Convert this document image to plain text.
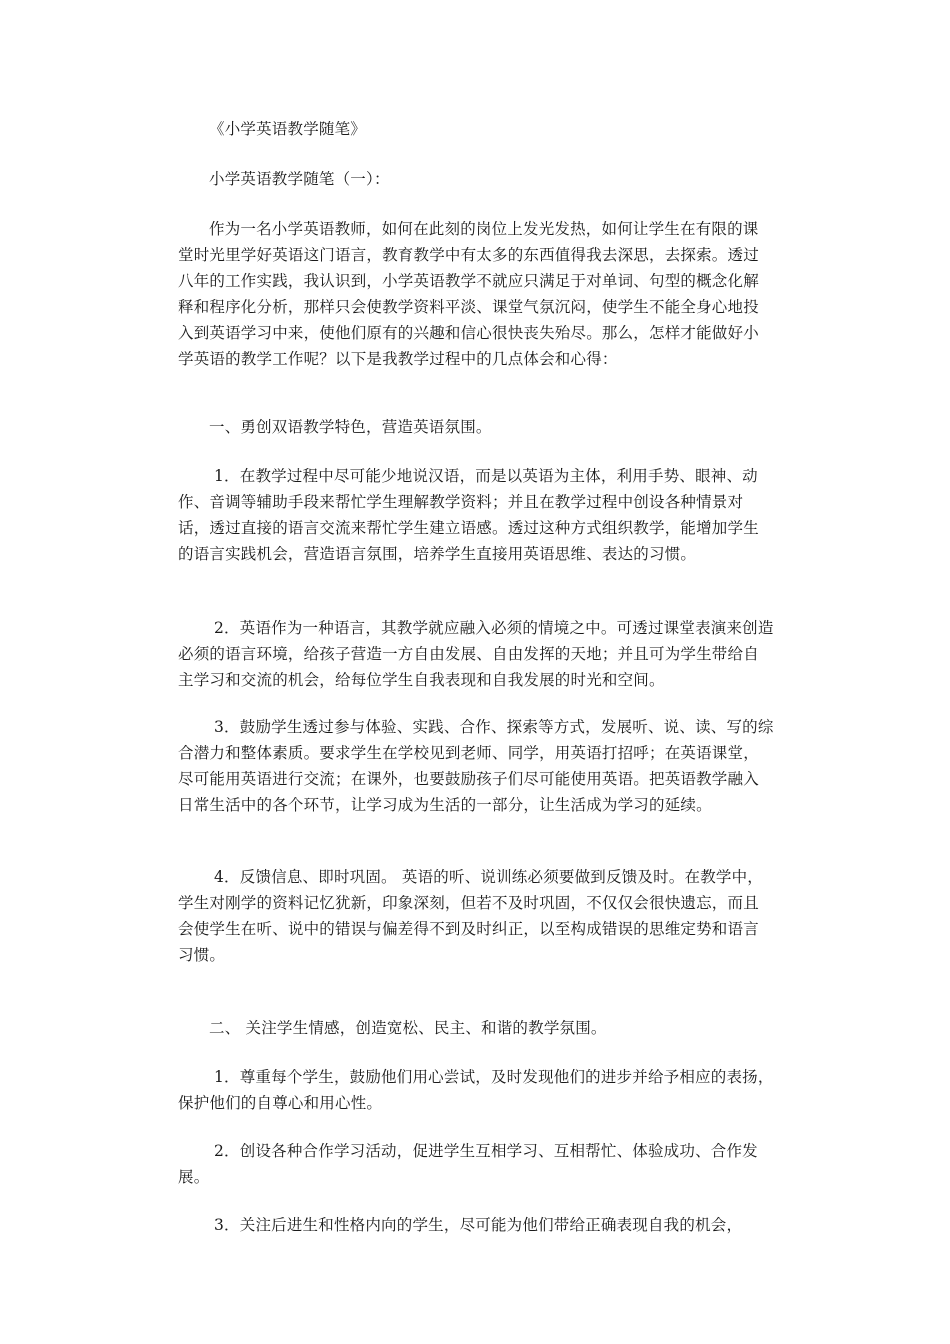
《小学英语教学随笔》

小学英语教学随笔（一）：

作为一名小学英语教师，如何在此刻的岗位上发光发热，如何让学生在有限的课堂时光里学好英语这门语言，教育教学中有太多的东西值得我去深思，去探索。透过八年的工作实践，我认识到，小学英语教学不就应只满足于对单词、句型的概念化解释和程序化分析，那样只会使教学资料平淡、课堂气氛沉闷，使学生不能全身心地投入到英语学习中来，使他们原有的兴趣和信心很快丧失殆尽。那么，怎样才能做好小学英语的教学工作呢？以下是我教学过程中的几点体会和心得：

一、勇创双语教学特色，营造英语氛围。

1．在教学过程中尽可能少地说汉语，而是以英语为主体，利用手势、眼神、动作、音调等辅助手段来帮忙学生理解教学资料；并且在教学过程中创设各种情景对话，透过直接的语言交流来帮忙学生建立语感。透过这种方式组织教学，能增加学生的语言实践机会，营造语言氛围，培养学生直接用英语思维、表达的习惯。

2．英语作为一种语言，其教学就应融入必须的情境之中。可透过课堂表演来创造必须的语言环境，给孩子营造一方自由发展、自由发挥的天地；并且可为学生带给自主学习和交流的机会，给每位学生自我表现和自我发展的时光和空间。

3．鼓励学生透过参与体验、实践、合作、探索等方式，发展听、说、读、写的综合潜力和整体素质。要求学生在学校见到老师、同学，用英语打招呼；在英语课堂，尽可能用英语进行交流；在课外，也要鼓励孩子们尽可能使用英语。把英语教学融入日常生活中的各个环节，让学习成为生活的一部分，让生活成为学习的延续。

4．反馈信息、即时巩固。 英语的听、说训练必须要做到反馈及时。在教学中，学生对刚学的资料记忆犹新，印象深刻，但若不及时巩固，不仅仅会很快遗忘，而且会使学生在听、说中的错误与偏差得不到及时纠正，以至构成错误的思维定势和语言习惯。

二、 关注学生情感，创造宽松、民主、和谐的教学氛围。

1．尊重每个学生，鼓励他们用心尝试，及时发现他们的进步并给予相应的表扬，保护他们的自尊心和用心性。

2．创设各种合作学习活动，促进学生互相学习、互相帮忙、体验成功、合作发展。

3．关注后进生和性格内向的学生，尽可能为他们带给正确表现自我的机会，
